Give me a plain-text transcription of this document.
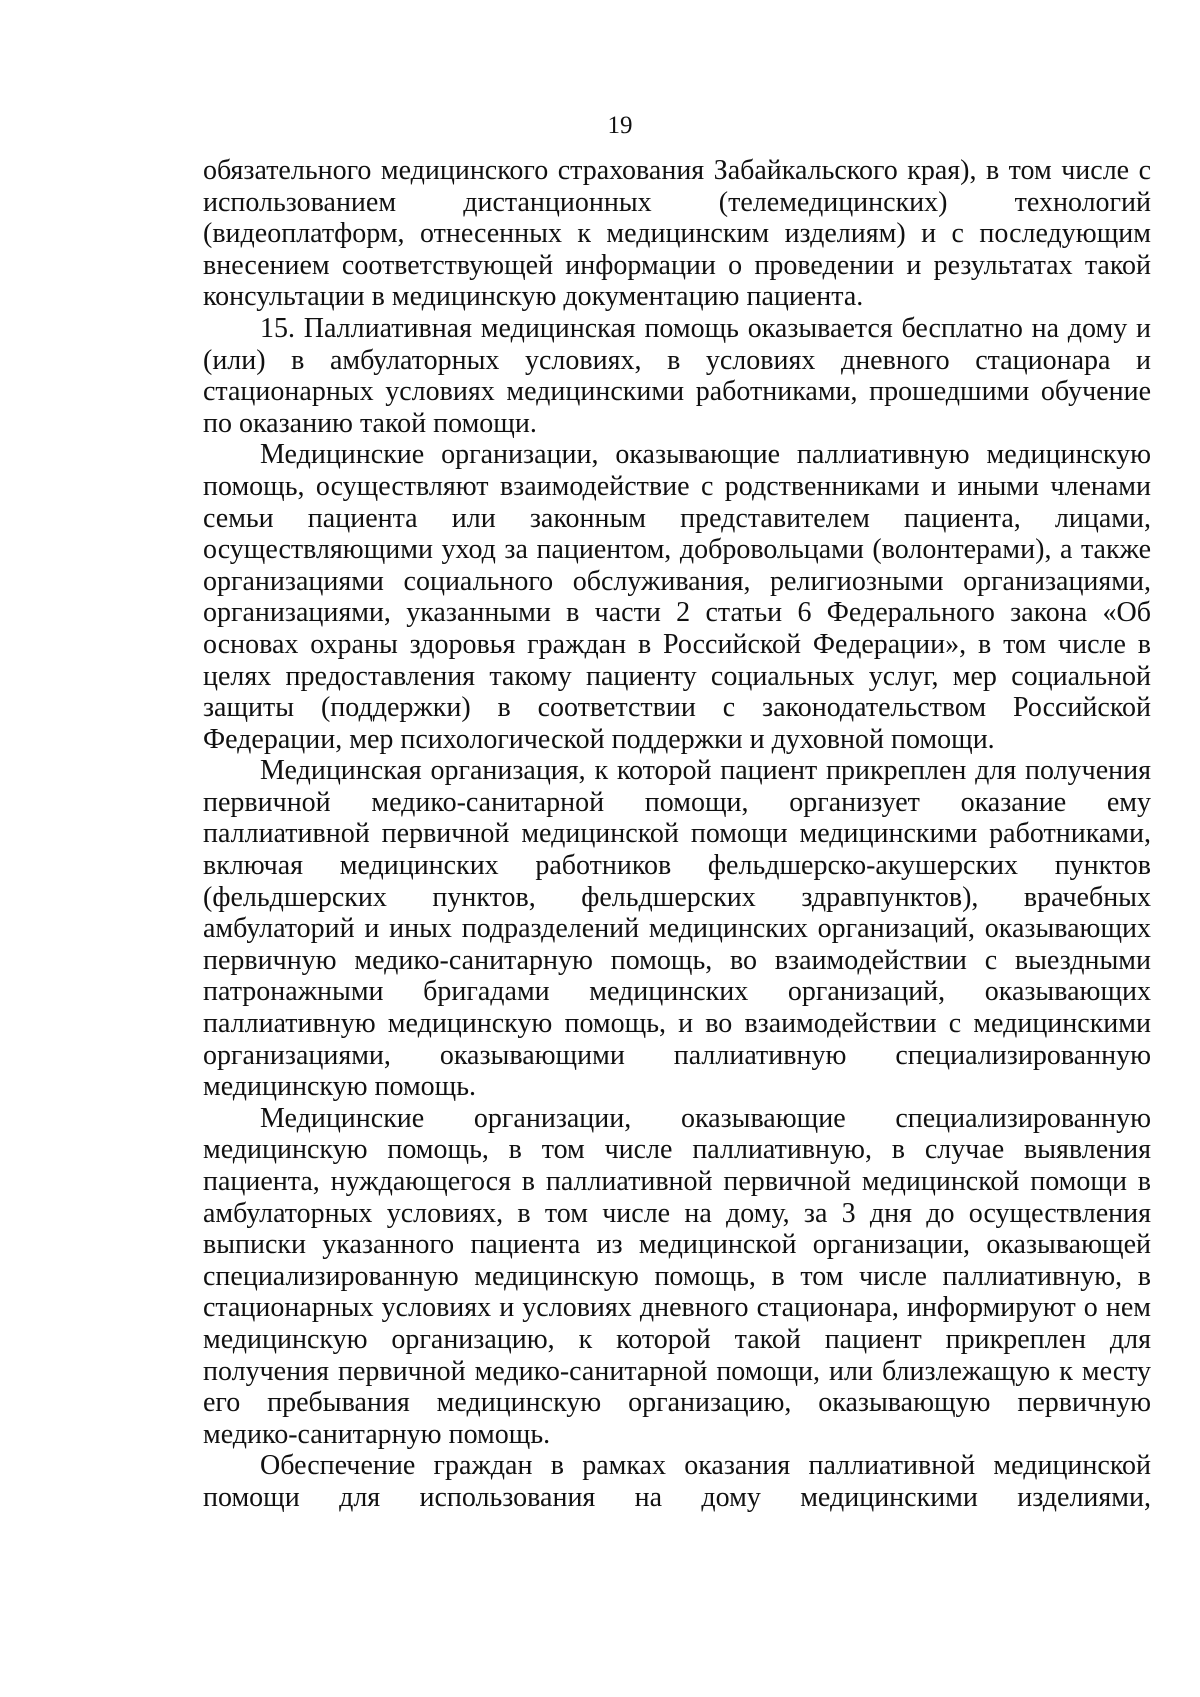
19

обязательного медицинского страхования Забайкальского края), в том числе с использованием дистанционных (телемедицинских) технологий (видеоплатформ, отнесенных к медицинским изделиям) и с последующим внесением соответствующей информации о проведении и результатах такой консультации в медицинскую документацию пациента.

15. Паллиативная медицинская помощь оказывается бесплатно на дому и (или) в амбулаторных условиях, в условиях дневного стационара и стационарных условиях медицинскими работниками, прошедшими обучение по оказанию такой помощи.

Медицинские организации, оказывающие паллиативную медицинскую помощь, осуществляют взаимодействие с родственниками и иными членами семьи пациента или законным представителем пациента, лицами, осуществляющими уход за пациентом, добровольцами (волонтерами), а также организациями социального обслуживания, религиозными организациями, организациями, указанными в части 2 статьи 6 Федерального закона «Об основах охраны здоровья граждан в Российской Федерации», в том числе в целях предоставления такому пациенту социальных услуг, мер социальной защиты (поддержки) в соответствии с законодательством Российской Федерации, мер психологической поддержки и духовной помощи.

Медицинская организация, к которой пациент прикреплен для получения первичной медико-санитарной помощи, организует оказание ему паллиативной первичной медицинской помощи медицинскими работниками, включая медицинских работников фельдшерско-акушерских пунктов (фельдшерских пунктов, фельдшерских здравпунктов), врачебных амбулаторий и иных подразделений медицинских организаций, оказывающих первичную медико-санитарную помощь, во взаимодействии с выездными патронажными бригадами медицинских организаций, оказывающих паллиативную медицинскую помощь, и во взаимодействии с медицинскими организациями, оказывающими паллиативную специализированную медицинскую помощь.

Медицинские организации, оказывающие специализированную медицинскую помощь, в том числе паллиативную, в случае выявления пациента, нуждающегося в паллиативной первичной медицинской помощи в амбулаторных условиях, в том числе на дому, за 3 дня до осуществления выписки указанного пациента из медицинской организации, оказывающей специализированную медицинскую помощь, в том числе паллиативную, в стационарных условиях и условиях дневного стационара, информируют о нем медицинскую организацию, к которой такой пациент прикреплен для получения первичной медико-санитарной помощи, или близлежащую к месту его пребывания медицинскую организацию, оказывающую первичную медико-санитарную помощь.

Обеспечение граждан в рамках оказания паллиативной медицинской помощи для использования на дому медицинскими изделиями,
